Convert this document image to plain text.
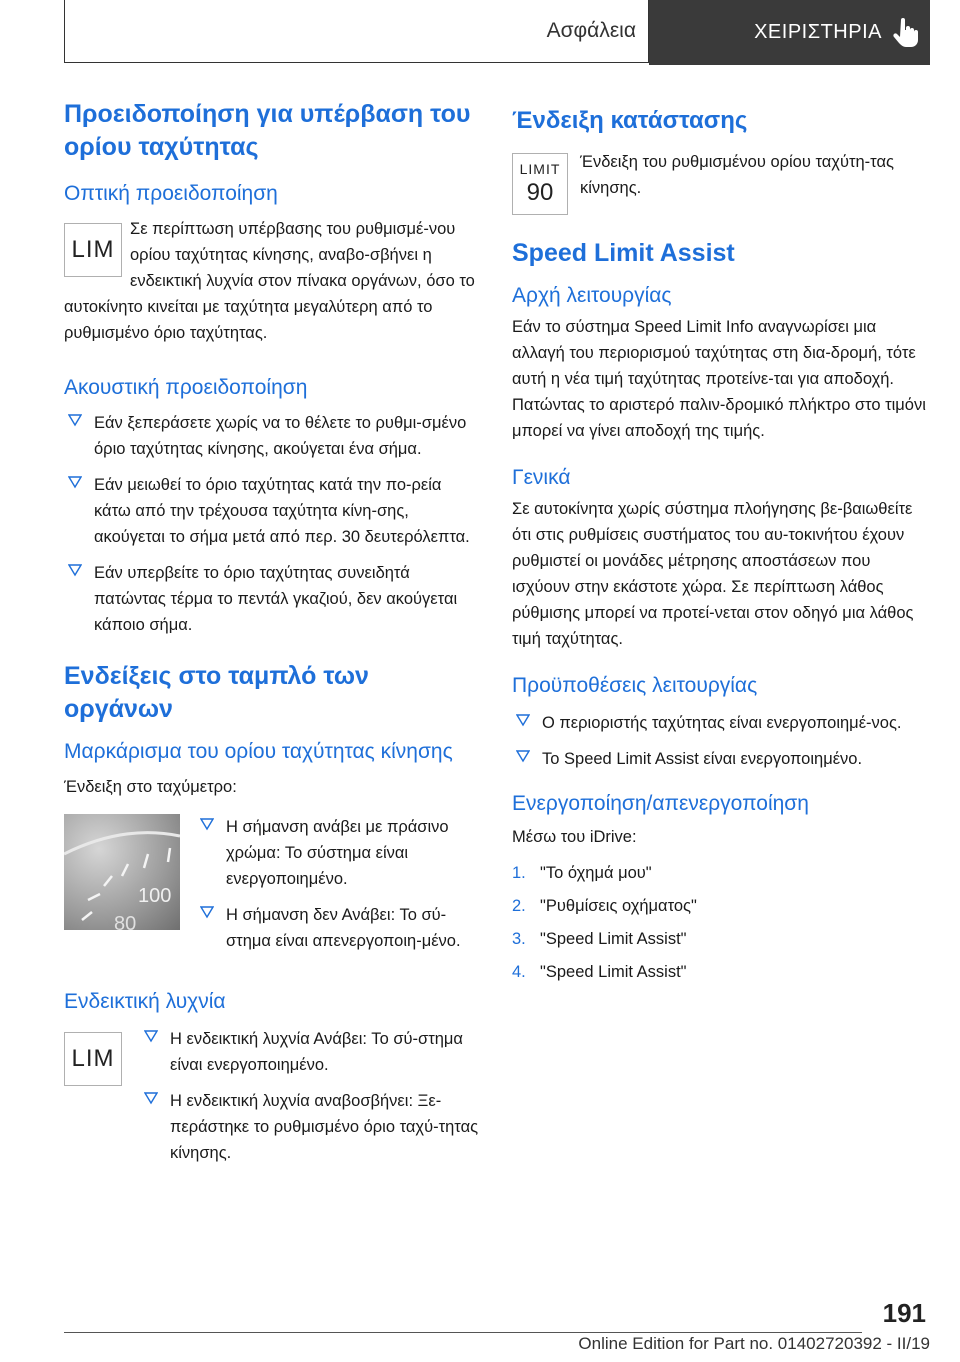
Ασφάλεια	ΧΕΙΡΙΣΤΗΡΙΑ
Προειδοποίηση για υπέρβαση του ορίου ταχύτητας
Οπτική προειδοποίηση
LIM

Σε περίπτωση υπέρβασης του ρυθμισμέ-νου ορίου ταχύτητας κίνησης, αναβο-σβήνει η ενδεικτική λυχνία στον πίνακα οργάνων, όσο το αυτοκίνητο κινείται με ταχύτητα μεγαλύτερη από το ρυθμισμένο όριο ταχύτητας.

Ακουστική προειδοποίηση
Εάν ξεπεράσετε χωρίς να το θέλετε το ρυθμι-σμένο όριο ταχύτητας κίνησης, ακούγεται ένα σήμα.
Εάν μειωθεί το όριο ταχύτητας κατά την πο-ρεία κάτω από την τρέχουσα ταχύτητα κίνη-σης, ακούγεται το σήμα μετά από περ. 30 δευτερόλεπτα.
Εάν υπερβείτε το όριο ταχύτητας συνειδητά πατώντας τέρμα το πεντάλ γκαζιού, δεν ακούγεται κάποιο σήμα.
Ενδείξεις στο ταμπλό των οργάνων
Μαρκάρισμα του ορίου ταχύτητας κίνησης

Ένδειξη στο ταχύμετρο:

100
80
Η σήμανση ανάβει με πράσινο χρώμα: Το σύστημα είναι ενεργοποιημένο.
Η σήμανση δεν Ανάβει: Το σύ-στημα είναι απενεργοποιη-μένο.
Ενδεικτική λυχνία
LIM
Η ενδεικτική λυχνία Ανάβει: Το σύ-στημα είναι ενεργοποιημένο.
Η ενδεικτική λυχνία αναβοσβήνει: Ξε-περάστηκε το ρυθμισμένο όριο ταχύ-τητας κίνησης.
Ένδειξη κατάστασης
LIMIT
90

Ένδειξη του ρυθμισμένου ορίου ταχύτη-τας κίνησης.

Speed Limit Assist
Αρχή λειτουργίας

Εάν το σύστημα Speed Limit Info αναγνωρίσει μια αλλαγή του περιορισμού ταχύτητας στη δια-δρομή, τότε αυτή η νέα τιμή ταχύτητας προτείνε-ται για αποδοχή. Πατώντας το αριστερό παλιν-δρομικό πλήκτρο στο τιμόνι μπορεί να γίνει αποδοχή της τιμής.

Γενικά

Σε αυτοκίνητα χωρίς σύστημα πλοήγησης βε-βαιωθείτε ότι στις ρυθμίσεις συστήματος του αυ-τοκινήτου έχουν ρυθμιστεί οι μονάδες μέτρησης αποστάσεων που ισχύουν στην εκάστοτε χώρα. Σε περίπτωση λάθος ρύθμισης μπορεί να προτεί-νεται στον οδηγό μια λάθος τιμή ταχύτητας.

Προϋποθέσεις λειτουργίας
Ο περιοριστής ταχύτητας είναι ενεργοποιημέ-νος.
Το Speed Limit Assist είναι ενεργοποιημένο.
Ενεργοποίηση/απενεργοποίηση

Μέσω του iDrive:

1. "Το όχημά μου"
2. "Ρυθμίσεις οχήματος"
3. "Speed Limit Assist"
4. "Speed Limit Assist"
191
Online Edition for Part no. 01402720392 - II/19
